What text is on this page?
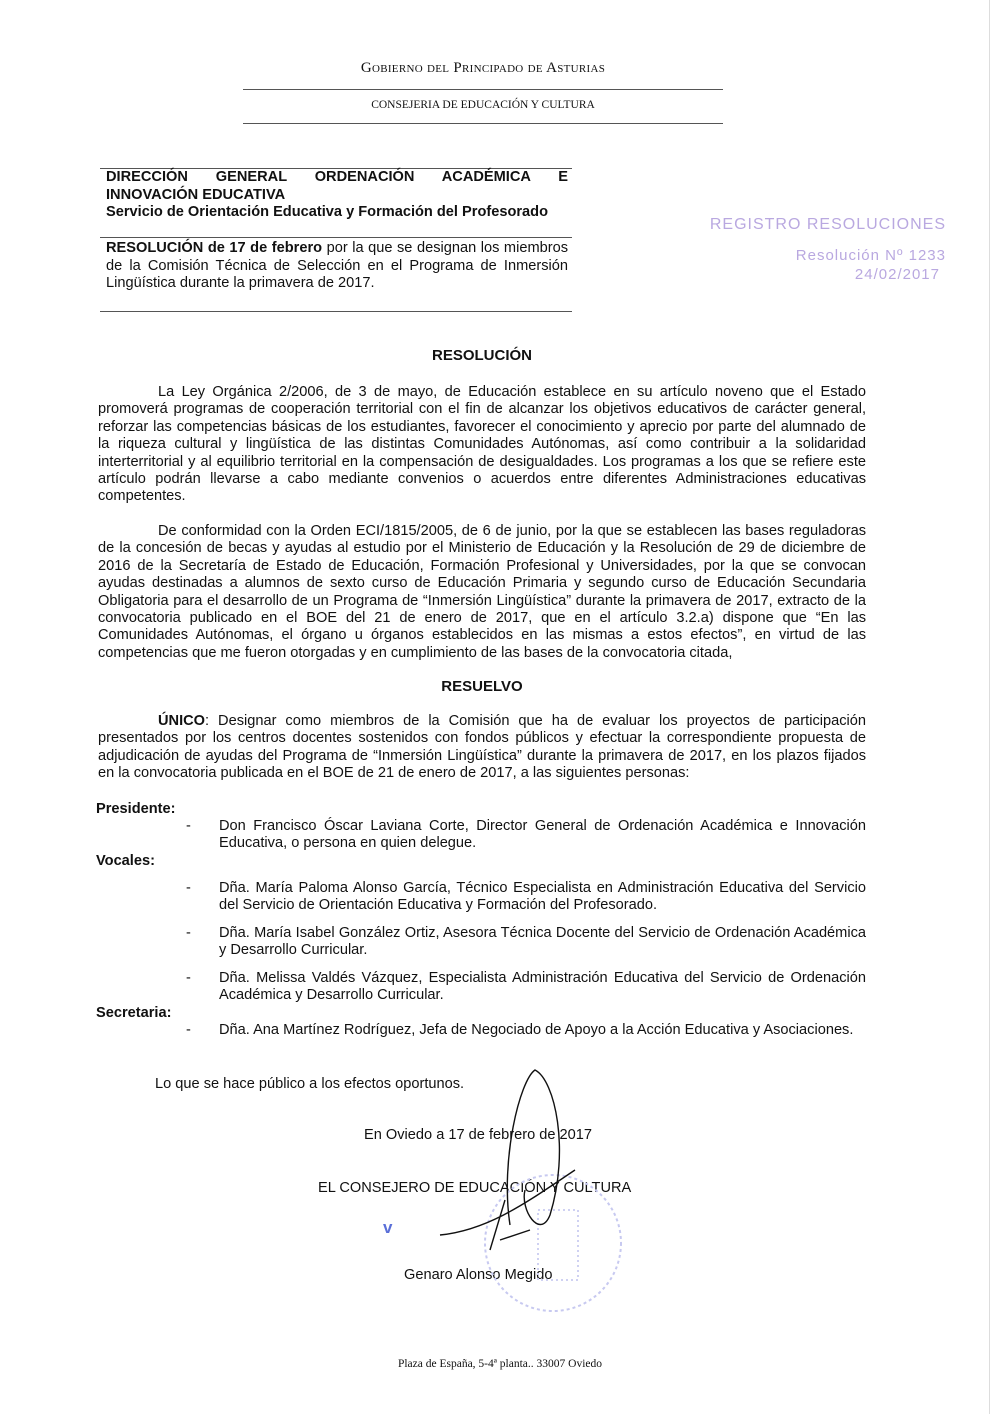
Gobierno del Principado de Asturias
CONSEJERIA DE EDUCACIÓN Y CULTURA
DIRECCIÓN GENERAL ORDENACIÓN ACADÉMICA E INNOVACIÓN EDUCATIVA
Servicio de Orientación Educativa y Formación del Profesorado
RESOLUCIÓN de 17 de febrero por la que se designan los miembros de la Comisión Técnica de Selección en el Programa de Inmersión Lingüística durante la primavera de 2017.
REGISTRO RESOLUCIONES
Resolución Nº 1233
24/02/2017
RESOLUCIÓN
La Ley Orgánica 2/2006, de 3 de mayo, de Educación establece en su artículo noveno que el Estado promoverá programas de cooperación territorial con el fin de alcanzar los objetivos educativos de carácter general, reforzar las competencias básicas de los estudiantes, favorecer el conocimiento y aprecio por parte del alumnado de la riqueza cultural y lingüística de las distintas Comunidades Autónomas, así como contribuir a la solidaridad interterritorial y al equilibrio territorial en la compensación de desigualdades. Los programas a los que se refiere este artículo podrán llevarse a cabo mediante convenios o acuerdos entre diferentes Administraciones educativas competentes.
De conformidad con la Orden ECI/1815/2005, de 6 de junio, por la que se establecen las bases reguladoras de la concesión de becas y ayudas al estudio por el Ministerio de Educación y la Resolución de 29 de diciembre de 2016 de la Secretaría de Estado de Educación, Formación Profesional y Universidades, por la que se convocan ayudas destinadas a alumnos de sexto curso de Educación Primaria y segundo curso de Educación Secundaria Obligatoria para el desarrollo de un Programa de “Inmersión Lingüística” durante la primavera de 2017, extracto de la convocatoria publicado en el BOE del 21 de enero de 2017, que en el artículo 3.2.a) dispone que “En las Comunidades Autónomas, el órgano u órganos establecidos en las mismas a estos efectos”, en virtud de las competencias que me fueron otorgadas y en cumplimiento de las bases de la convocatoria citada,
RESUELVO
ÚNICO: Designar como miembros de la Comisión que ha de evaluar los proyectos de participación presentados por los centros docentes sostenidos con fondos públicos y efectuar la correspondiente propuesta de adjudicación de ayudas del Programa de “Inmersión Lingüística” durante la primavera de 2017, en los plazos fijados en la convocatoria publicada en el BOE de 21 de enero de 2017, a las siguientes personas:
Presidente:
- Don Francisco Óscar Laviana Corte, Director General de Ordenación Académica e Innovación Educativa, o persona en quien delegue.
Vocales:
- Dña. María Paloma Alonso García, Técnico Especialista en Administración Educativa del Servicio del Servicio de Orientación Educativa y Formación del Profesorado.
- Dña. María Isabel González Ortiz, Asesora Técnica Docente del Servicio de Ordenación Académica y Desarrollo Curricular.
- Dña. Melissa Valdés Vázquez, Especialista Administración Educativa del Servicio de Ordenación Académica y Desarrollo Curricular.
Secretaria:
- Dña. Ana Martínez Rodríguez, Jefa de Negociado de Apoyo a la Acción Educativa y Asociaciones.
Lo que se hace público a los efectos oportunos.
En Oviedo a 17 de febrero de 2017
EL CONSEJERO DE EDUCACIÓN Y CULTURA
v
Genaro Alonso Megido
Plaza de España, 5-4ª planta.. 33007 Oviedo
